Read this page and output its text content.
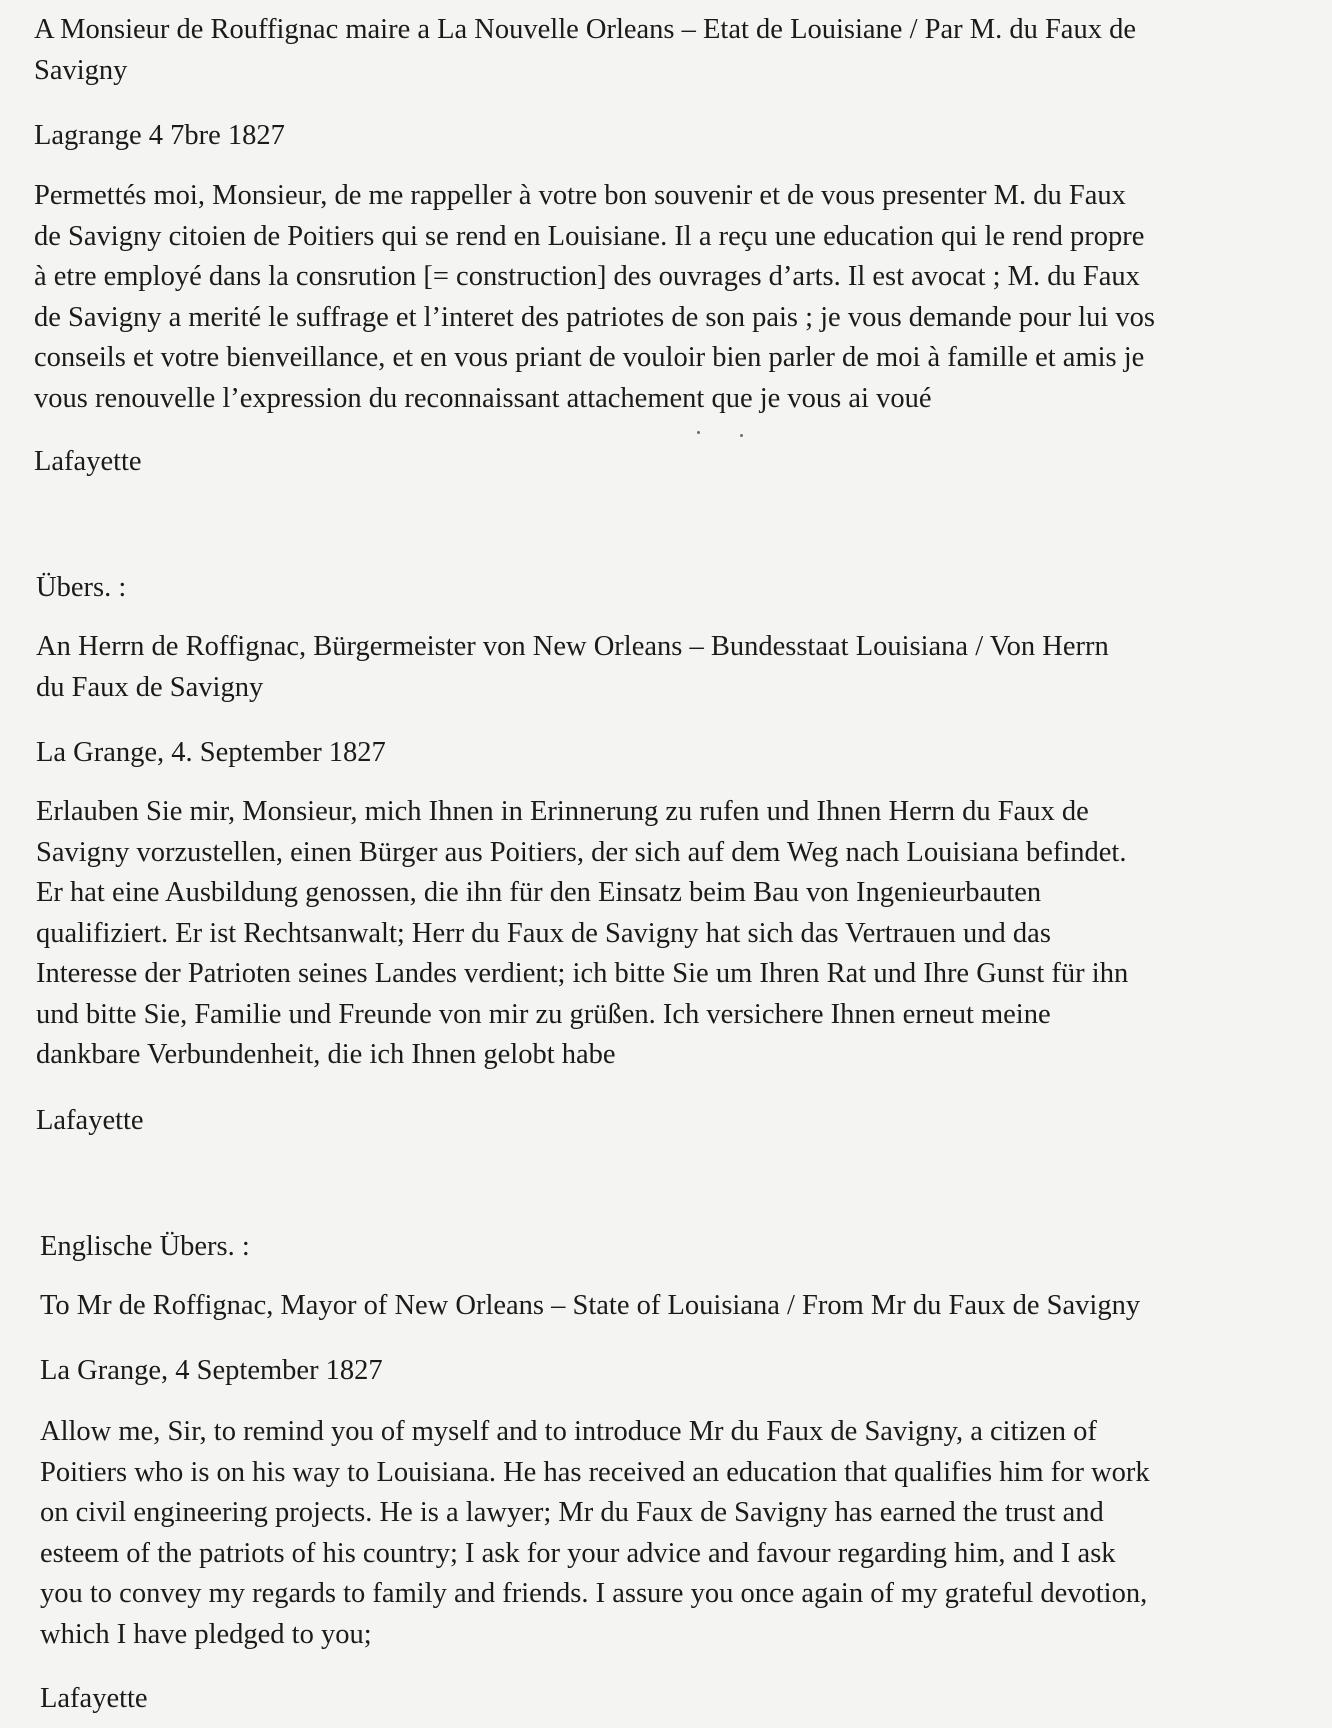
A Monsieur de Rouffignac maire a La Nouvelle Orleans – Etat de Louisiane / Par M. du Faux de
Savigny

Lagrange 4 7bre 1827

Permettés moi, Monsieur, de me rappeller à votre bon souvenir et de vous presenter M. du Faux
de Savigny citoien de Poitiers qui se rend en Louisiane. Il a reçu une education qui le rend propre
à etre employé dans la consrution [= construction] des ouvrages d’arts. Il est avocat ; M. du Faux
de Savigny a merité le suffrage et l’interet des patriotes de son pais ; je vous demande pour lui vos
conseils et votre bienveillance, et en vous priant de vouloir bien parler de moi à famille et amis je
vous renouvelle l’expression du reconnaissant attachement que je vous ai voué

Lafayette

Übers. :

An Herrn de Roffignac, Bürgermeister von New Orleans – Bundesstaat Louisiana / Von Herrn
du Faux de Savigny

La Grange, 4. September 1827

Erlauben Sie mir, Monsieur, mich Ihnen in Erinnerung zu rufen und Ihnen Herrn du Faux de
Savigny vorzustellen, einen Bürger aus Poitiers, der sich auf dem Weg nach Louisiana befindet.
Er hat eine Ausbildung genossen, die ihn für den Einsatz beim Bau von Ingenieurbauten
qualifiziert. Er ist Rechtsanwalt; Herr du Faux de Savigny hat sich das Vertrauen und das
Interesse der Patrioten seines Landes verdient; ich bitte Sie um Ihren Rat und Ihre Gunst für ihn
und bitte Sie, Familie und Freunde von mir zu grüßen. Ich versichere Ihnen erneut meine
dankbare Verbundenheit, die ich Ihnen gelobt habe

Lafayette

Englische Übers. :

To Mr de Roffignac, Mayor of New Orleans – State of Louisiana / From Mr du Faux de Savigny

La Grange, 4 September 1827

Allow me, Sir, to remind you of myself and to introduce Mr du Faux de Savigny, a citizen of
Poitiers who is on his way to Louisiana. He has received an education that qualifies him for work
on civil engineering projects. He is a lawyer; Mr du Faux de Savigny has earned the trust and
esteem of the patriots of his country; I ask for your advice and favour regarding him, and I ask
you to convey my regards to family and friends. I assure you once again of my grateful devotion,
which I have pledged to you;

Lafayette
